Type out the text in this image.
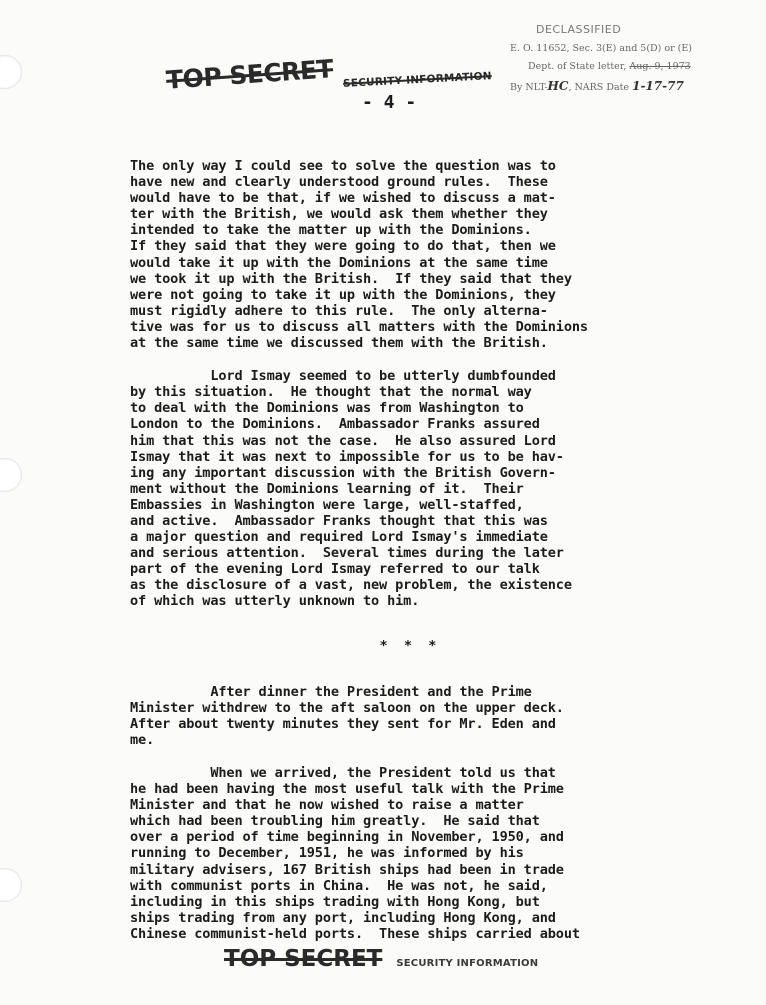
DECLASSIFIED
E. O. 11652, Sec. 3(E) and 5(D) or (E)
Dept. of State letter, Aug. 9, 1973
By NLT-HC, NARS Date 1-17-77
TOP SECRET SECURITY INFORMATION
- 4 -

The only way I could see to solve the question was to
have new and clearly understood ground rules.  These
would have to be that, if we wished to discuss a mat-
ter with the British, we would ask them whether they
intended to take the matter up with the Dominions.
If they said that they were going to do that, then we
would take it up with the Dominions at the same time
we took it up with the British.  If they said that they
were not going to take it up with the Dominions, they
must rigidly adhere to this rule.  The only alterna-
tive was for us to discuss all matters with the Dominions
at the same time we discussed them with the British.

Lord Ismay seemed to be utterly dumbfounded
by this situation.  He thought that the normal way
to deal with the Dominions was from Washington to
London to the Dominions.  Ambassador Franks assured
him that this was not the case.  He also assured Lord
Ismay that it was next to impossible for us to be hav-
ing any important discussion with the British Govern-
ment without the Dominions learning of it.  Their
Embassies in Washington were large, well-staffed,
and active.  Ambassador Franks thought that this was
a major question and required Lord Ismay's immediate
and serious attention.  Several times during the later
part of the evening Lord Ismay referred to our talk
as the disclosure of a vast, new problem, the existence
of which was utterly unknown to him.

* * *

After dinner the President and the Prime
Minister withdrew to the aft saloon on the upper deck.
After about twenty minutes they sent for Mr. Eden and
me.

When we arrived, the President told us that
he had been having the most useful talk with the Prime
Minister and that he now wished to raise a matter
which had been troubling him greatly.  He said that
over a period of time beginning in November, 1950, and
running to December, 1951, he was informed by his
military advisers, 167 British ships had been in trade
with communist ports in China.  He was not, he said,
including in this ships trading with Hong Kong, but
ships trading from any port, including Hong Kong, and
Chinese communist-held ports.  These ships carried about

TOP SECRET SECURITY INFORMATION
